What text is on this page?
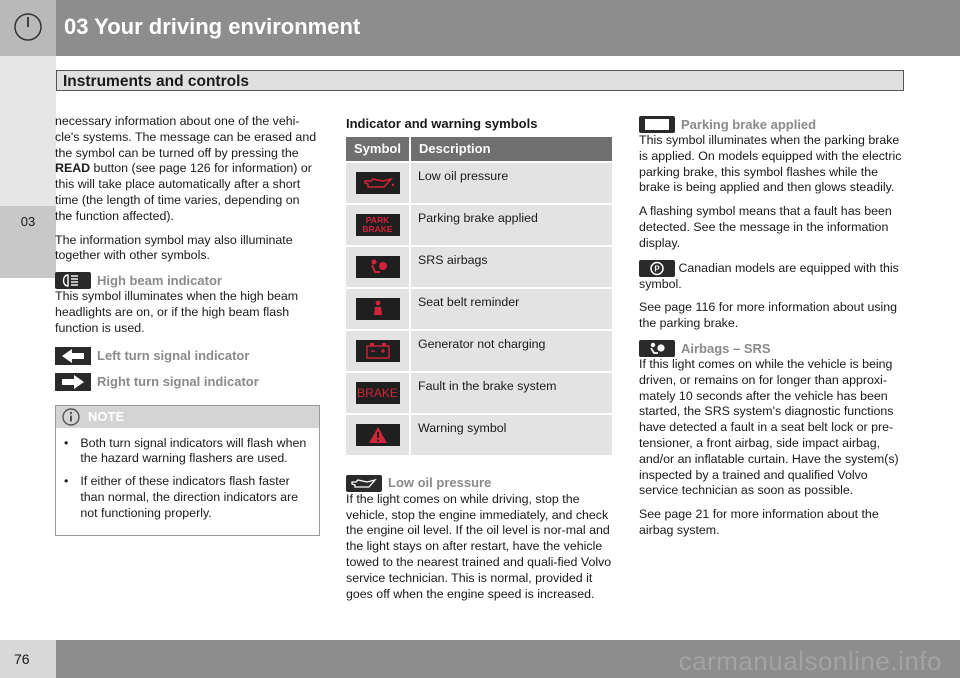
03 Your driving environment
Instruments and controls
03

necessary information about one of the vehi-cle's systems. The message can be erased and the symbol can be turned off by pressing the READ button (see page 126 for information) or this will take place automatically after a short time (the length of time varies, depending on the function affected).

The information symbol may also illuminate together with other symbols.

High beam indicator

This symbol illuminates when the high beam headlights are on, or if the high beam flash function is used.

Left turn signal indicator
Right turn signal indicator
NOTE
• Both turn signal indicators will flash when the hazard warning flashers are used.
• If either of these indicators flash faster than normal, the direction indicators are not functioning properly.
Indicator and warning symbols
Symbol	Description
	Low oil pressure

PARK BRAKE	Parking brake applied
	SRS airbags
	Seat belt reminder
	Generator not charging

BRAKE	Fault in the brake system
	Warning symbol
Low oil pressure

If the light comes on while driving, stop the vehicle, stop the engine immediately, and check the engine oil level. If the oil level is nor-mal and the light stays on after restart, have the vehicle towed to the nearest trained and quali-fied Volvo service technician. This is normal, provided it goes off when the engine speed is increased.

Parking brake applied

This symbol illuminates when the parking brake is applied. On models equipped with the electric parking brake, this symbol flashes while the brake is being applied and then glows steadily.

A flashing symbol means that a fault has been detected. See the message in the information display.

P Canadian models are equipped with this symbol.

See page 116 for more information about using the parking brake.

Airbags – SRS

If this light comes on while the vehicle is being driven, or remains on for longer than approxi-mately 10 seconds after the vehicle has been started, the SRS system's diagnostic functions have detected a fault in a seat belt lock or pre-tensioner, a front airbag, side impact airbag, and/or an inflatable curtain. Have the system(s) inspected by a trained and qualified Volvo service technician as soon as possible.

See page 21 for more information about the airbag system.

76	carmanualsonline.info
